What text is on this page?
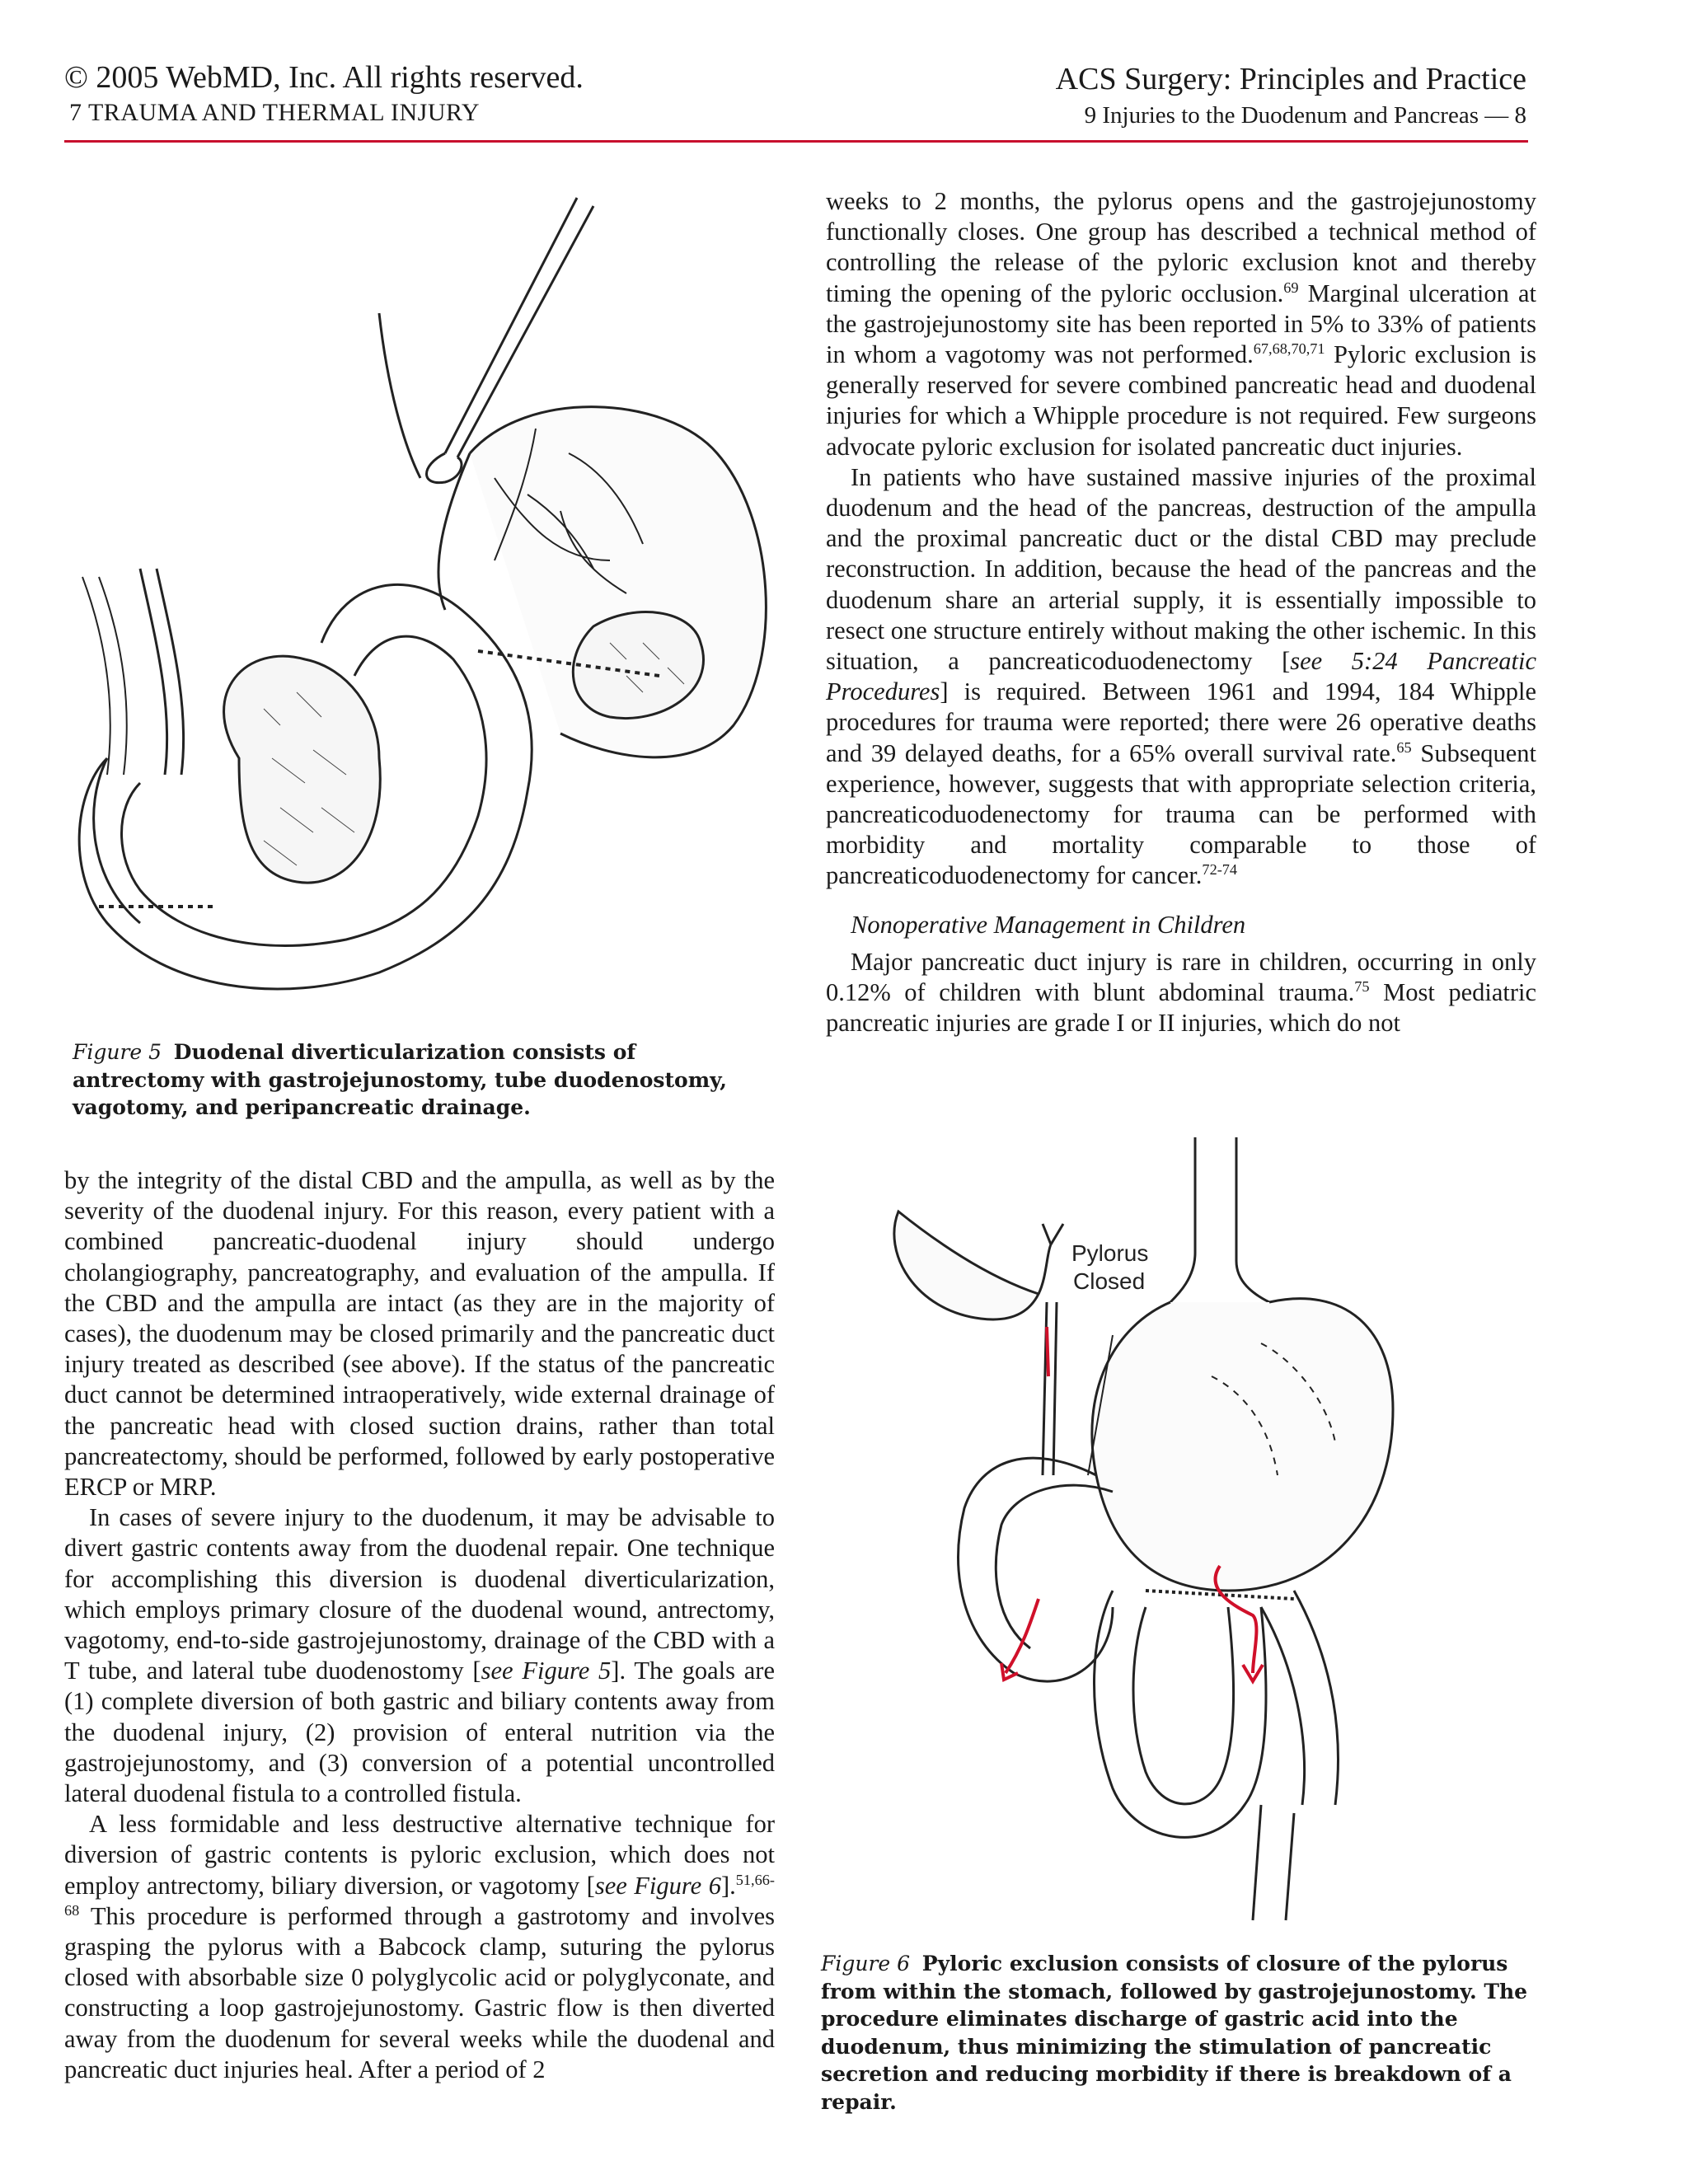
© 2005 WebMD, Inc. All rights reserved.
7 TRAUMA AND THERMAL INJURY
ACS Surgery: Principles and Practice
9 Injuries to the Duodenum and Pancreas — 8
Figure 5 Duodenal diverticularization consists of antrectomy with gastrojejunostomy, tube duodenostomy, vagotomy, and peripancreatic drainage.

weeks to 2 months, the pylorus opens and the gastrojejunostomy functionally closes. One group has described a technical method of controlling the release of the pyloric exclusion knot and thereby timing the opening of the pyloric occlusion.$^{69}$ Marginal ulceration at the gastrojejunostomy site has been reported in 5% to 33% of patients in whom a vagotomy was not performed.$^{67,68,70,71}$ Pyloric exclusion is generally reserved for severe combined pancreatic head and duodenal injuries for which a Whipple procedure is not required. Few surgeons advocate pyloric exclusion for isolated pancreatic duct injuries.

In patients who have sustained massive injuries of the proximal duodenum and the head of the pancreas, destruction of the ampulla and the proximal pancreatic duct or the distal CBD may preclude reconstruction. In addition, because the head of the pancreas and the duodenum share an arterial supply, it is essentially impossible to resect one structure entirely without making the other ischemic. In this situation, a pancreaticoduodenectomy [see 5:24 Pancreatic Procedures] is required. Between 1961 and 1994, 184 Whipple procedures for trauma were reported; there were 26 operative deaths and 39 delayed deaths, for a 65% overall survival rate.$^{65}$ Subsequent experience, however, suggests that with appropriate selection criteria, pancreaticoduodenectomy for trauma can be performed with morbidity and mortality comparable to those of pancreaticoduodenectomy for cancer.$^{72-74}$

Nonoperative Management in Children

Major pancreatic duct injury is rare in children, occurring in only 0.12% of children with blunt abdominal trauma.$^{75}$ Most pediatric pancreatic injuries are grade I or II injuries, which do not

by the integrity of the distal CBD and the ampulla, as well as by the severity of the duodenal injury. For this reason, every patient with a combined pancreatic-duodenal injury should undergo cholangiography, pancreatography, and evaluation of the ampulla. If the CBD and the ampulla are intact (as they are in the majority of cases), the duodenum may be closed primarily and the pancreatic duct injury treated as described (see above). If the status of the pancreatic duct cannot be determined intraoperatively, wide external drainage of the pancreatic head with closed suction drains, rather than total pancreatectomy, should be performed, followed by early postoperative ERCP or MRP.

In cases of severe injury to the duodenum, it may be advisable to divert gastric contents away from the duodenal repair. One technique for accomplishing this diversion is duodenal diverticularization, which employs primary closure of the duodenal wound, antrectomy, vagotomy, end-to-side gastrojejunostomy, drainage of the CBD with a T tube, and lateral tube duodenostomy [see Figure 5]. The goals are (1) complete diversion of both gastric and biliary contents away from the duodenal injury, (2) provision of enteral nutrition via the gastrojejunostomy, and (3) conversion of a potential uncontrolled lateral duodenal fistula to a controlled fistula.

A less formidable and less destructive alternative technique for diversion of gastric contents is pyloric exclusion, which does not employ antrectomy, biliary diversion, or vagotomy [see Figure 6].$^{51,66-68}$ This procedure is performed through a gastrotomy and involves grasping the pylorus with a Babcock clamp, suturing the pylorus closed with absorbable size 0 polyglycolic acid or polyglyconate, and constructing a loop gastrojejunostomy. Gastric flow is then diverted away from the duodenum for several weeks while the duodenal and pancreatic duct injuries heal. After a period of 2

Pylorus
Closed
Figure 6 Pyloric exclusion consists of closure of the pylorus from within the stomach, followed by gastrojejunostomy. The procedure eliminates discharge of gastric acid into the duodenum, thus minimizing the stimulation of pancreatic secretion and reducing morbidity if there is breakdown of a repair.
